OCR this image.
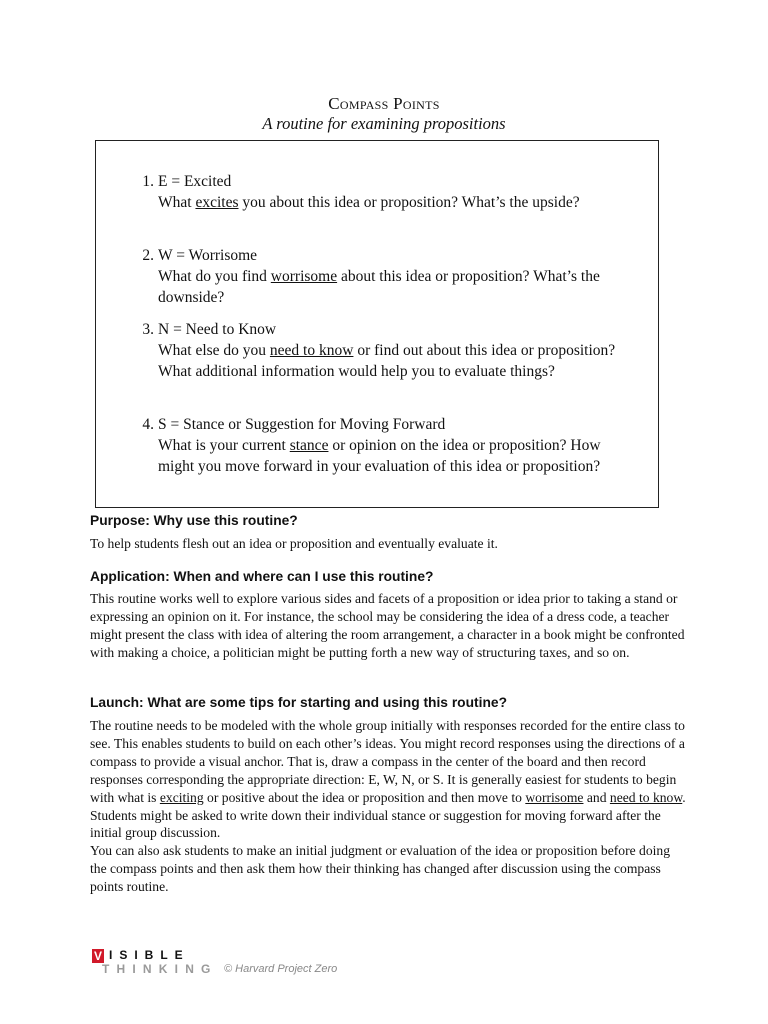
Compass Points
A routine for examining propositions
1. E = Excited
What excites you about this idea or proposition? What’s the upside?
2. W = Worrisome
What do you find worrisome about this idea or proposition? What’s the downside?
3. N = Need to Know
What else do you need to know or find out about this idea or proposition? What additional information would help you to evaluate things?
4. S = Stance or Suggestion for Moving Forward
What is your current stance or opinion on the idea or proposition? How might you move forward in your evaluation of this idea or proposition?
Purpose: Why use this routine?
To help students flesh out an idea or proposition and eventually evaluate it.
Application: When and where can I use this routine?
This routine works well to explore various sides and facets of a proposition or idea prior to taking a stand or expressing an opinion on it. For instance, the school may be considering the idea of a dress code, a teacher might present the class with idea of altering the room arrangement, a character in a book might be confronted with making a choice, a politician might be putting forth a new way of structuring taxes, and so on.
Launch: What are some tips for starting and using this routine?
The routine needs to be modeled with the whole group initially with responses recorded for the entire class to see. This enables students to build on each other’s ideas. You might record responses using the directions of a compass to provide a visual anchor. That is, draw a compass in the center of the board and then record responses corresponding the appropriate direction: E, W, N, or S. It is generally easiest for students to begin with what is exciting or positive about the idea or proposition and then move to worrisome and need to know. Students might be asked to write down their individual stance or suggestion for moving forward after the initial group discussion.
You can also ask students to make an initial judgment or evaluation of the idea or proposition before doing the compass points and then ask them how their thinking has changed after discussion using the compass points routine.
V ISIBLE
THINKING © Harvard Project Zero
